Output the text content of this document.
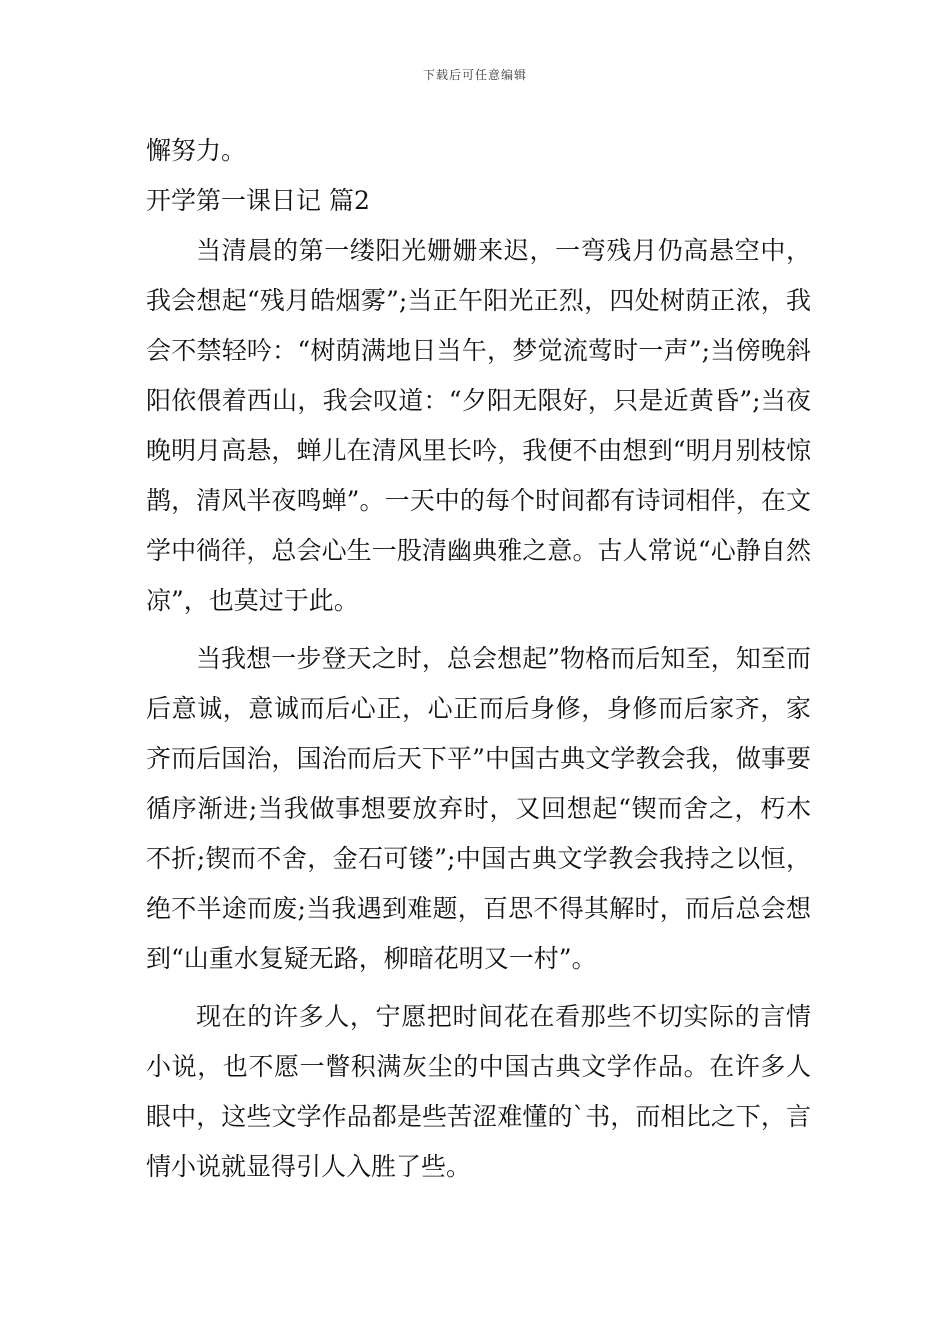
下载后可任意编辑

懈努力。

开学第一课日记 篇2

当清晨的第一缕阳光姗姗来迟，一弯残月仍高悬空中，我会想起“残月皓烟雾”;当正午阳光正烈，四处树荫正浓，我会不禁轻吟：“树荫满地日当午，梦觉流莺时一声”;当傍晚斜阳依偎着西山，我会叹道：“夕阳无限好，只是近黄昏”;当夜晚明月高悬，蝉儿在清风里长吟，我便不由想到“明月别枝惊鹊，清风半夜鸣蝉”。一天中的每个时间都有诗词相伴，在文学中徜徉，总会心生一股清幽典雅之意。古人常说“心静自然凉”，也莫过于此。

当我想一步登天之时，总会想起”物格而后知至，知至而后意诚，意诚而后心正，心正而后身修，身修而后家齐，家齐而后国治，国治而后天下平”中国古典文学教会我，做事要循序渐进;当我做事想要放弃时，又回想起“锲而舍之，朽木不折;锲而不舍，金石可镂”;中国古典文学教会我持之以恒，绝不半途而废;当我遇到难题，百思不得其解时，而后总会想到“山重水复疑无路，柳暗花明又一村”。

现在的许多人，宁愿把时间花在看那些不切实际的言情小说，也不愿一瞥积满灰尘的中国古典文学作品。在许多人眼中，这些文学作品都是些苦涩难懂的`书，而相比之下，言情小说就显得引人入胜了些。
